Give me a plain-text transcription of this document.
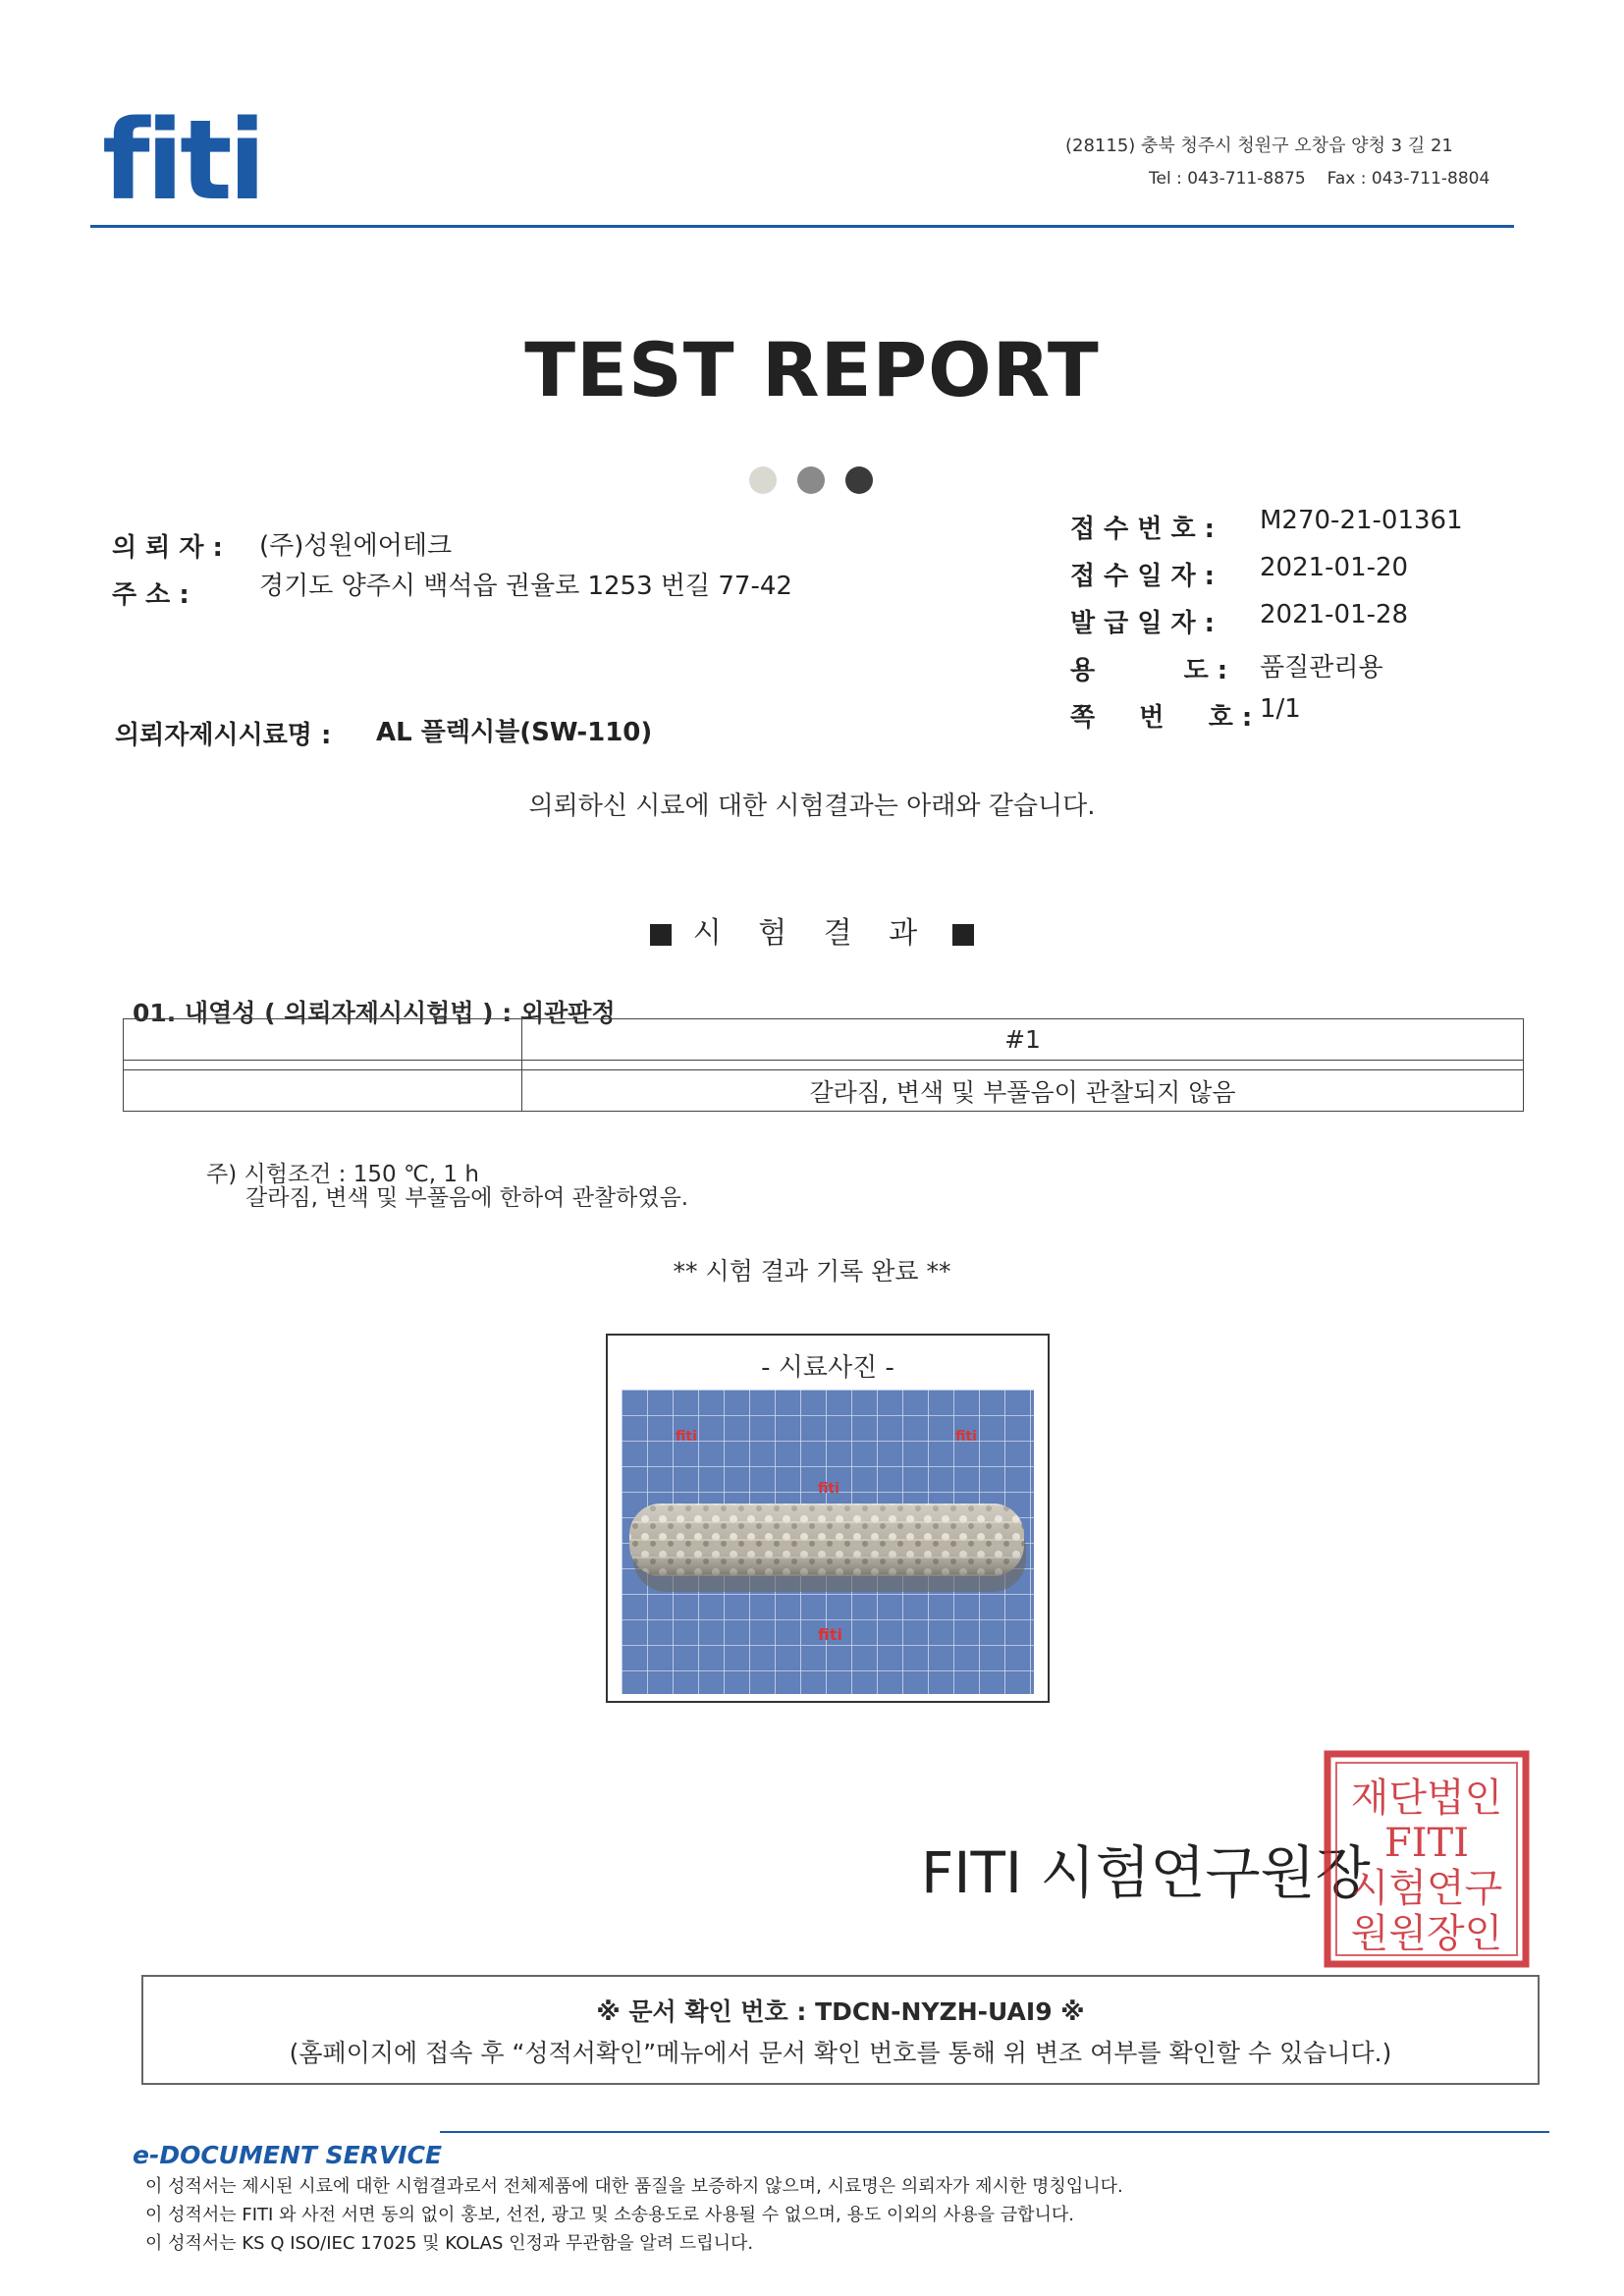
fiti	(28115) 충북 청주시 청원구 오창읍 양청 3 길 21
Tel : 043-711-8875 Fax : 043-711-8804
TEST REPORT
의 뢰 자 : (주)성원에어테크
주 소 :	경기도 양주시 백석읍 권율로 1253 번길 77-42
의뢰자제시시료명 : AL 플렉시블(SW-110)
접 수 번 호 : M270-21-01361
접 수 일 자 : 2021-01-20
발 급 일 자 : 2021-01-28
용          도 : 품질관리용
쪽     번     호 : 1/1
의뢰하신 시료에 대한 시험결과는 아래와 같습니다.
시 험 결 과
01. 내열성 ( 의뢰자제시시험법 ) : 외관판정
	#1

	갈라짐, 변색 및 부풀음이 관찰되지 않음
주) 시험조건 : 150 ℃, 1 h
갈라짐, 변색 및 부풀음에 한하여 관찰하였음.
** 시험 결과 기록 완료 **
- 시료사진 -
fiti	fiti
fiti
fiti
FITI 시험연구원장
재단법인
FITI
시험연구
원원장인
※ 문서 확인 번호 : TDCN-NYZH-UAI9 ※
(홈페이지에 접속 후 “성적서확인”메뉴에서 문서 확인 번호를 통해 위 변조 여부를 확인할 수 있습니다.)
e-DOCUMENT SERVICE
이 성적서는 제시된 시료에 대한 시험결과로서 전체제품에 대한 품질을 보증하지 않으며, 시료명은 의뢰자가 제시한 명칭입니다.
이 성적서는 FITI 와 사전 서면 동의 없이 홍보, 선전, 광고 및 소송용도로 사용될 수 없으며, 용도 이외의 사용을 금합니다.
이 성적서는 KS Q ISO/IEC 17025 및 KOLAS 인정과 무관함을 알려 드립니다.
